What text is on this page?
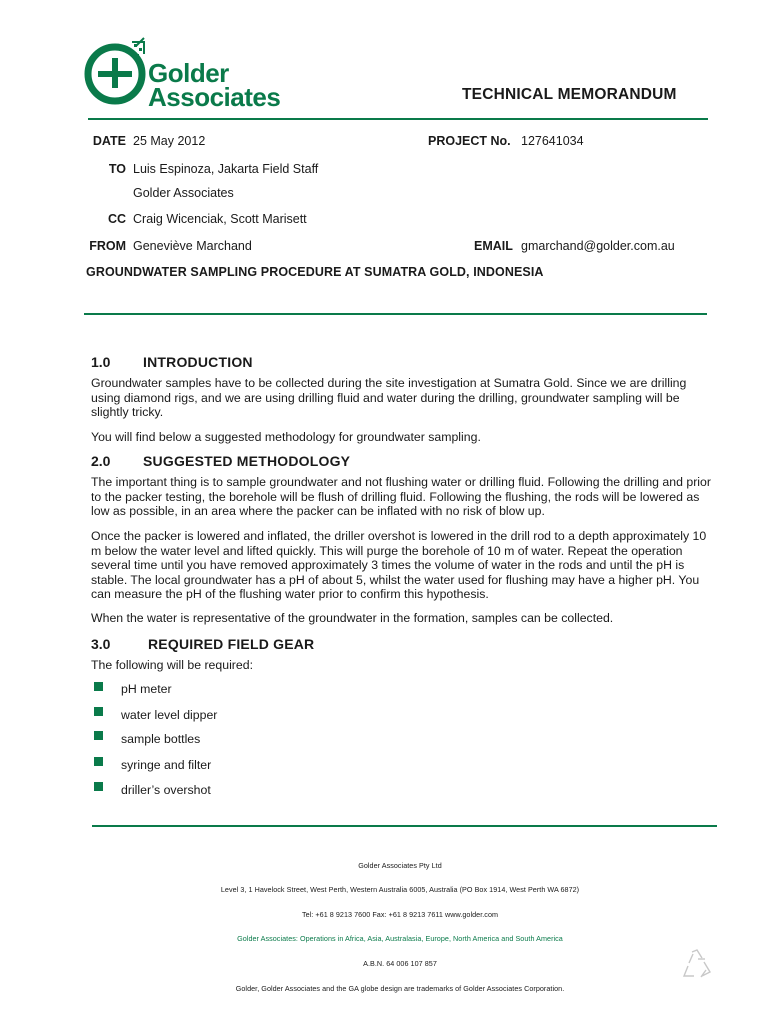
Golder
Associates	TECHNICAL MEMORANDUM
DATE 25 May 2012	PROJECT No. 127641034
TO Luis Espinoza, Jakarta Field Staff
Golder Associates
CC Craig Wicenciak, Scott Marisett
FROM Geneviève Marchand	EMAIL gmarchand@golder.com.au
GROUNDWATER SAMPLING PROCEDURE AT SUMATRA GOLD, INDONESIA
1.0 INTRODUCTION
Groundwater samples have to be collected during the site investigation at Sumatra Gold. Since we are drilling using diamond rigs, and we are using drilling fluid and water during the drilling, groundwater sampling will be slightly tricky.
You will find below a suggested methodology for groundwater sampling.
2.0 SUGGESTED METHODOLOGY
The important thing is to sample groundwater and not flushing water or drilling fluid. Following the drilling and prior to the packer testing, the borehole will be flush of drilling fluid. Following the flushing, the rods will be lowered as low as possible, in an area where the packer can be inflated with no risk of blow up.
Once the packer is lowered and inflated, the driller overshot is lowered in the drill rod to a depth approximately 10 m below the water level and lifted quickly. This will purge the borehole of 10 m of water. Repeat the operation several time until you have removed approximately 3 times the volume of water in the rods and until the pH is stable. The local groundwater has a pH of about 5, whilst the water used for flushing may have a higher pH. You can measure the pH of the flushing water prior to confirm this hypothesis.
When the water is representative of the groundwater in the formation, samples can be collected.
3.0	REQUIRED FIELD GEAR
The following will be required:
pH meter
water level dipper
sample bottles
syringe and filter
driller’s overshot
Golder Associates Pty Ltd
Level 3, 1 Havelock Street, West Perth, Western Australia 6005, Australia (PO Box 1914, West Perth WA 6872)
Tel: +61 8 9213 7600 Fax: +61 8 9213 7611 www.golder.com
Golder Associates: Operations in Africa, Asia, Australasia, Europe, North America and South America
A.B.N. 64 006 107 857
Golder, Golder Associates and the GA globe design are trademarks of Golder Associates Corporation.
